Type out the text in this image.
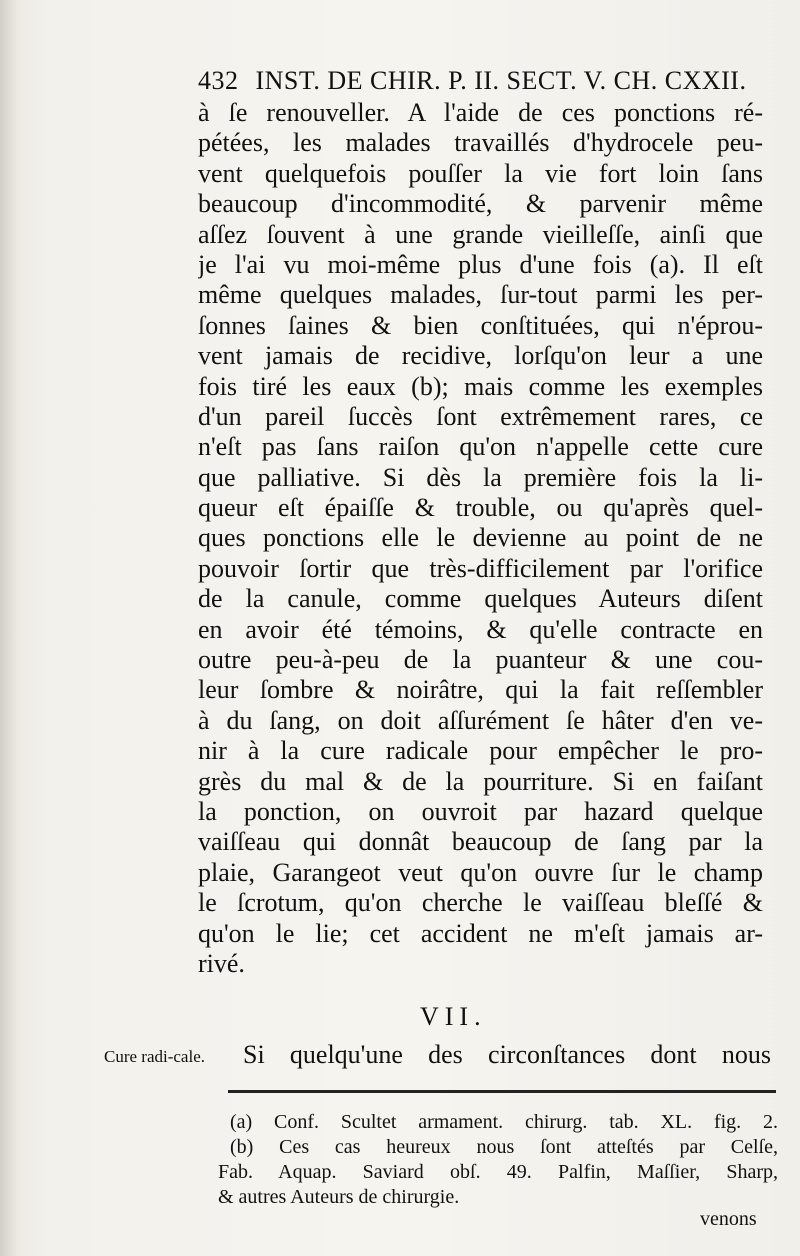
432 INST. DE CHIR. P. II. SECT. V. CH. CXXII.
à ſe renouveller. A l'aide de ces ponctions ré-
pétées, les malades travaillés d'hydrocele peu-
vent quelquefois pouſſer la vie fort loin ſans
beaucoup d'incommodité, & parvenir même
aſſez ſouvent à une grande vieilleſſe, ainſi que
je l'ai vu moi-même plus d'une fois (a). Il eſt
même quelques malades, ſur-tout parmi les per-
ſonnes ſaines & bien conſtituées, qui n'éprou-
vent jamais de recidive, lorſqu'on leur a une
fois tiré les eaux (b); mais comme les exemples
d'un pareil ſuccès ſont extrêmement rares, ce
n'eſt pas ſans raiſon qu'on n'appelle cette cure
que palliative. Si dès la première fois la li-
queur eſt épaiſſe & trouble, ou qu'après quel-
ques ponctions elle le devienne au point de ne
pouvoir ſortir que très-difficilement par l'orifice
de la canule, comme quelques Auteurs diſent
en avoir été témoins, & qu'elle contracte en
outre peu-à-peu de la puanteur & une cou-
leur ſombre & noirâtre, qui la fait reſſembler
à du ſang, on doit aſſurément ſe hâter d'en ve-
nir à la cure radicale pour empêcher le pro-
grès du mal & de la pourriture. Si en faiſant
la ponction, on ouvroit par hazard quelque
vaiſſeau qui donnât beaucoup de ſang par la
plaie, Garangeot veut qu'on ouvre ſur le champ
le ſcrotum, qu'on cherche le vaiſſeau bleſſé &
qu'on le lie; cet accident ne m'eſt jamais ar-
rivé.
VII.
Cure radi-cale.	Si quelqu'une des circonſtances dont nous
(a) Conf. Scultet armament. chirurg. tab. XL. fig. 2.
(b) Ces cas heureux nous ſont atteſtés par Celſe,
Fab. Aquap. Saviard obſ. 49. Palfin, Maſſier, Sharp,
& autres Auteurs de chirurgie.
venons
